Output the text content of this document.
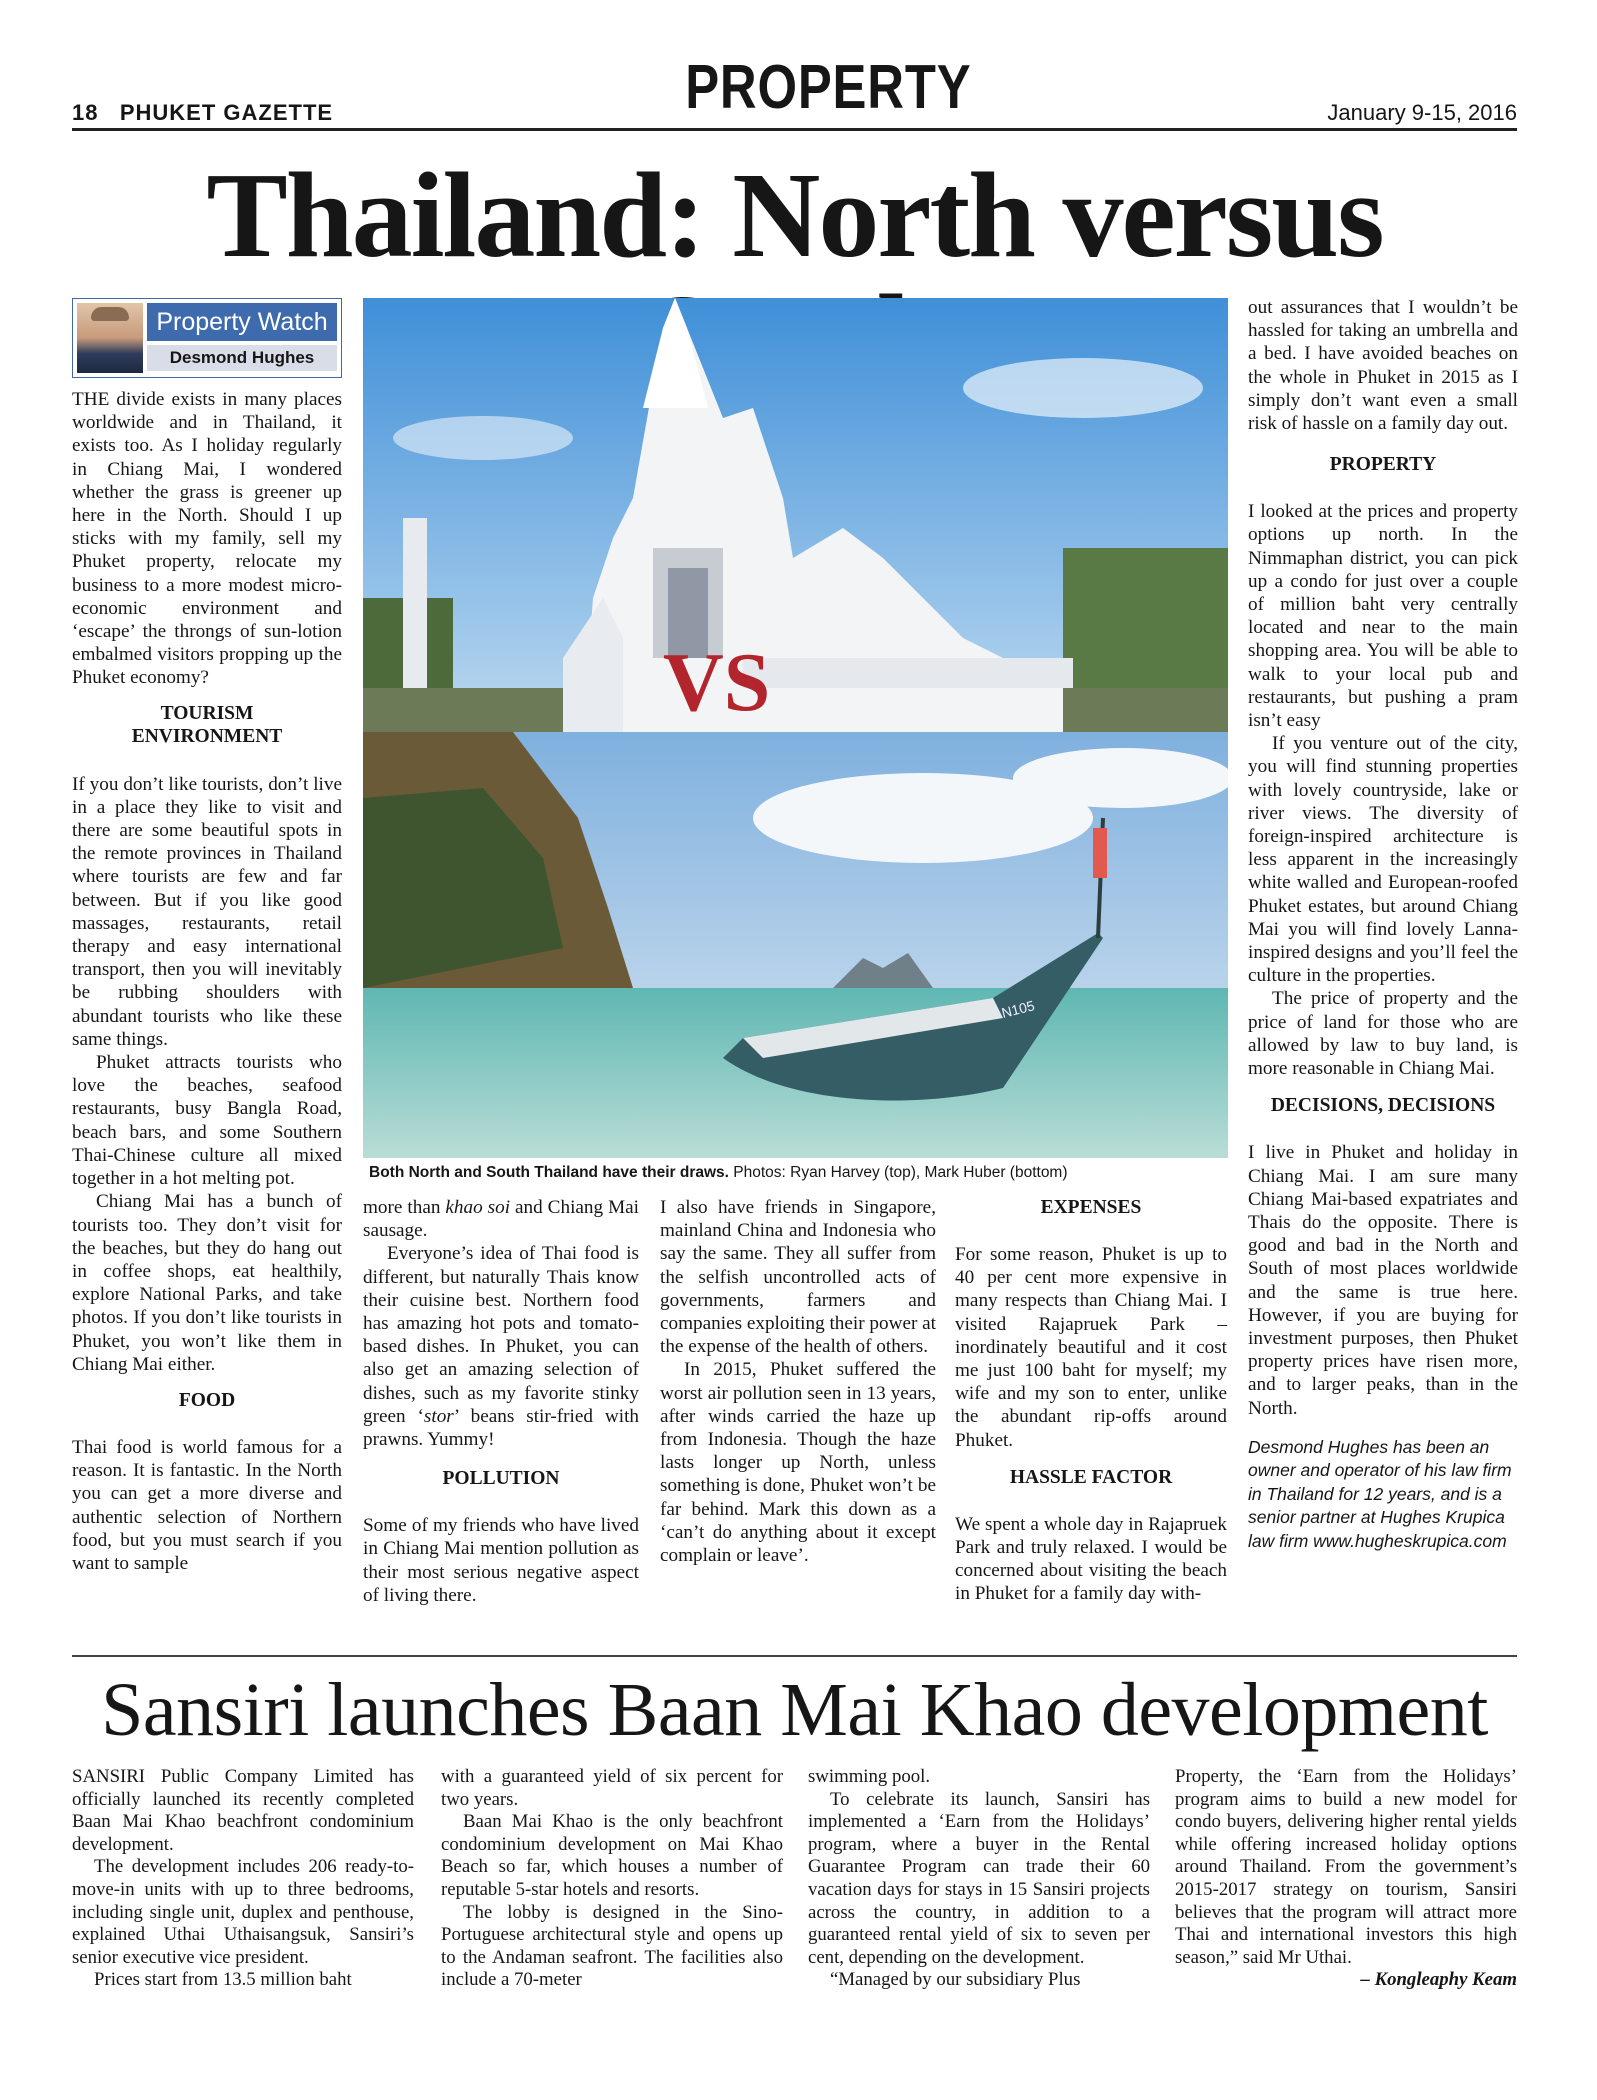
18 PHUKET GAZETTE	PROPERTY	January 9-15, 2016
Thailand: North versus
Property Watch
Desmond Hughes

THE divide exists in many places worldwide and in Thailand, it exists too. As I holiday regularly in Chiang Mai, I wondered whether the grass is greener up here in the North. Should I up sticks with my family, sell my Phuket property, relocate my business to a more modest micro-economic environment and ‘escape’ the throngs of sun-lotion embalmed visitors propping up the Phuket economy?

TOURISM
ENVIRONMENT

If you don’t like tourists, don’t live in a place they like to visit and there are some beautiful spots in the remote provinces in Thailand where tourists are few and far between. But if you like good massages, restaurants, retail therapy and easy international transport, then you will inevitably be rubbing shoulders with abundant tourists who like these same things.

Phuket attracts tourists who love the beaches, seafood restaurants, busy Bangla Road, beach bars, and some Southern Thai-Chinese culture all mixed together in a hot melting pot.

Chiang Mai has a bunch of tourists too. They don’t visit for the beaches, but they do hang out in coffee shops, eat healthily, explore National Parks, and take photos. If you don’t like tourists in Phuket, you won’t like them in Chiang Mai either.

FOOD

Thai food is world famous for a reason. It is fantastic. In the North you can get a more diverse and authentic selection of Northern food, but you must search if you want to sample

VS
N105
Both North and South Thailand have their draws. Photos: Ryan Harvey (top), Mark Huber (bottom)

more than khao soi and Chiang Mai sausage.

Everyone’s idea of Thai food is different, but naturally Thais know their cuisine best. Northern food has amazing hot pots and tomato-based dishes. In Phuket, you can also get an amazing selection of dishes, such as my favorite stinky green ‘stor’ beans stir-fried with prawns. Yummy!

POLLUTION

Some of my friends who have lived in Chiang Mai mention pollution as their most serious negative aspect of living there.

I also have friends in Singapore, mainland China and Indonesia who say the same. They all suffer from the selfish uncontrolled acts of governments, farmers and companies exploiting their power at the expense of the health of others.

In 2015, Phuket suffered the worst air pollution seen in 13 years, after winds carried the haze up from Indonesia. Though the haze lasts longer up North, unless something is done, Phuket won’t be far behind. Mark this down as a ‘can’t do anything about it except complain or leave’.

EXPENSES

For some reason, Phuket is up to 40 per cent more expensive in many respects than Chiang Mai. I visited Rajapruek Park – inordinately beautiful and it cost me just 100 baht for myself; my wife and my son to enter, unlike the abundant rip-offs around Phuket.

HASSLE FACTOR

We spent a whole day in Rajapruek Park and truly relaxed. I would be concerned about visiting the beach in Phuket for a family day with-

out assurances that I wouldn’t be hassled for taking an umbrella and a bed. I have avoided beaches on the whole in Phuket in 2015 as I simply don’t want even a small risk of hassle on a family day out.

PROPERTY

I looked at the prices and property options up north. In the Nimmaphan district, you can pick up a condo for just over a couple of million baht very centrally located and near to the main shopping area. You will be able to walk to your local pub and restaurants, but pushing a pram isn’t easy

If you venture out of the city, you will find stunning properties with lovely countryside, lake or river views. The diversity of foreign-inspired architecture is less apparent in the increasingly white walled and European-roofed Phuket estates, but around Chiang Mai you will find lovely Lanna-inspired designs and you’ll feel the culture in the properties.

The price of property and the price of land for those who are allowed by law to buy land, is more reasonable in Chiang Mai.

DECISIONS, DECISIONS

I live in Phuket and holiday in Chiang Mai. I am sure many Chiang Mai-based expatriates and Thais do the opposite. There is good and bad in the North and South of most places worldwide and the same is true here. However, if you are buying for investment purposes, then Phuket property prices have risen more, and to larger peaks, than in the North.

Desmond Hughes has been an owner and operator of his law firm in Thailand for 12 years, and is a senior partner at Hughes Krupica law firm www.hugheskrupica.com

Sansiri launches Baan Mai Khao development

SANSIRI Public Company Limited has officially launched its recently completed Baan Mai Khao beachfront condominium development.

The development includes 206 ready-to-move-in units with up to three bedrooms, including single unit, duplex and penthouse, explained Uthai Uthaisangsuk, Sansiri’s senior executive vice president.

Prices start from 13.5 million baht

with a guaranteed yield of six percent for two years.

Baan Mai Khao is the only beachfront condominium development on Mai Khao Beach so far, which houses a number of reputable 5-star hotels and resorts.

The lobby is designed in the Sino-Portuguese architectural style and opens up to the Andaman seafront. The facilities also include a 70-meter

swimming pool.

To celebrate its launch, Sansiri has implemented a ‘Earn from the Holidays’ program, where a buyer in the Rental Guarantee Program can trade their 60 vacation days for stays in 15 Sansiri projects across the country, in addition to a guaranteed rental yield of six to seven per cent, depending on the development.

“Managed by our subsidiary Plus

Property, the ‘Earn from the Holidays’ program aims to build a new model for condo buyers, delivering higher rental yields while offering increased holiday options around Thailand. From the government’s 2015-2017 strategy on tourism, Sansiri believes that the program will attract more Thai and international investors this high season,” said Mr Uthai.

– Kongleaphy Keam
